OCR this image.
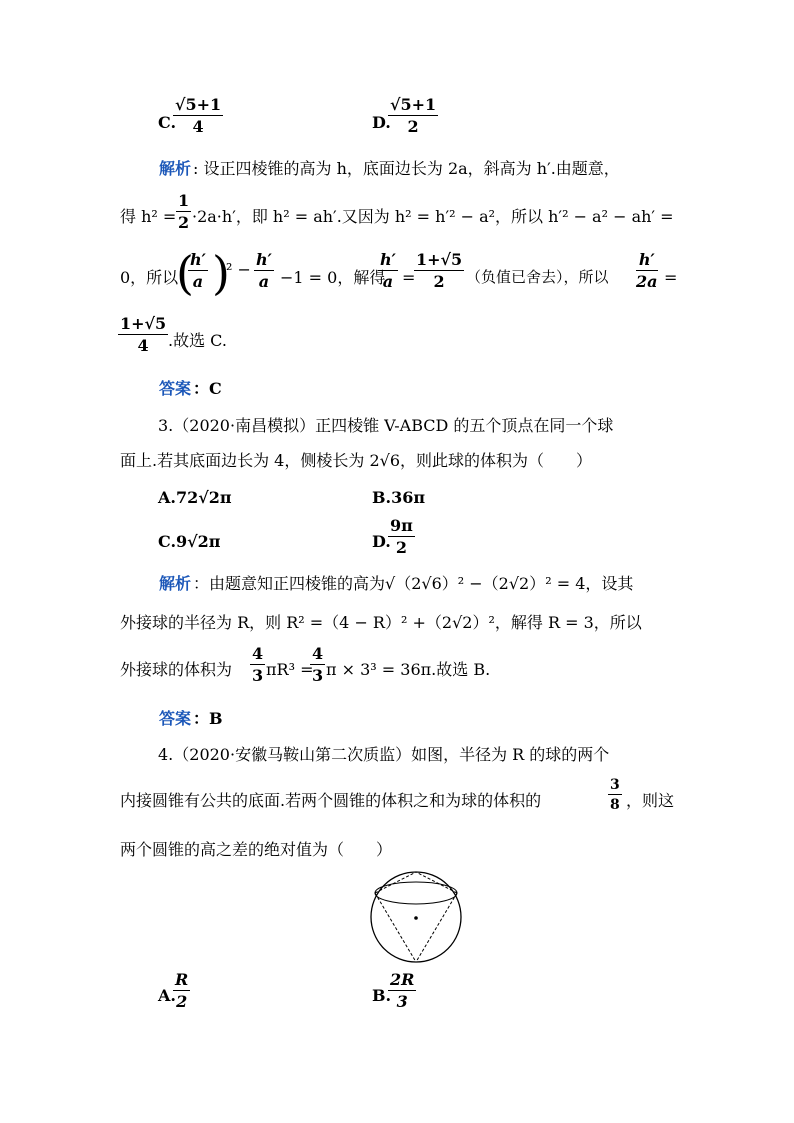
C.
$\frac{√5+1}{4}$	D.
$\frac{√5+1}{2}$
解析 : 设正四棱锥的高为 h，底面边长为 2a，斜高为 h′.由题意，
得 $h^2 = \frac{1}{2} \cdot 2a\cdot h'$，即 h² = ah′.又因为 h² = h′² − a²，所以 h′² − a² − ah′ =
0，所以
(
$\frac{h'}{a}$ )
$^2 - \frac{h'}{a} -1 = 0$，解得
$\frac{h'}{a}$ =
$\frac{1+√5}{2}$ （负值已舍去），所以 $\frac{h'}{2a}$ =
$\frac{1+√5}{4}$ .故选 C.
答案 ：C
3.（2020·南昌模拟）正四棱锥 V-ABCD 的五个顶点在同一个球
面上.若其底面边长为 4，侧棱长为 2√6，则此球的体积为（　　）
A.72√2π	B.36π
C.9√2π	D.
$\frac{9\pi}{2}$
解析 ：由题意知正四棱锥的高为√（2√6）² −（2√2）² = 4，设其
外接球的半径为 R，则 R² =（4 − R）² +（2√2）²，解得 R = 3，所以
外接球的体积为 $\frac{4}{3} \pi R^3$ =
$\frac{4}{3}$ π × 3³ = 36π.故选 B.
答案 ：B
4.（2020·安徽马鞍山第二次质监）如图，半径为 R 的球的两个
内接圆锥有公共的底面.若两个圆锥的体积之和为球的体积的	$\frac{3}{8}$ ，则这
两个圆锥的高之差的绝对值为（　　）
A.
$\frac{R}{2}$	B.
$\frac{2R}{3}$
